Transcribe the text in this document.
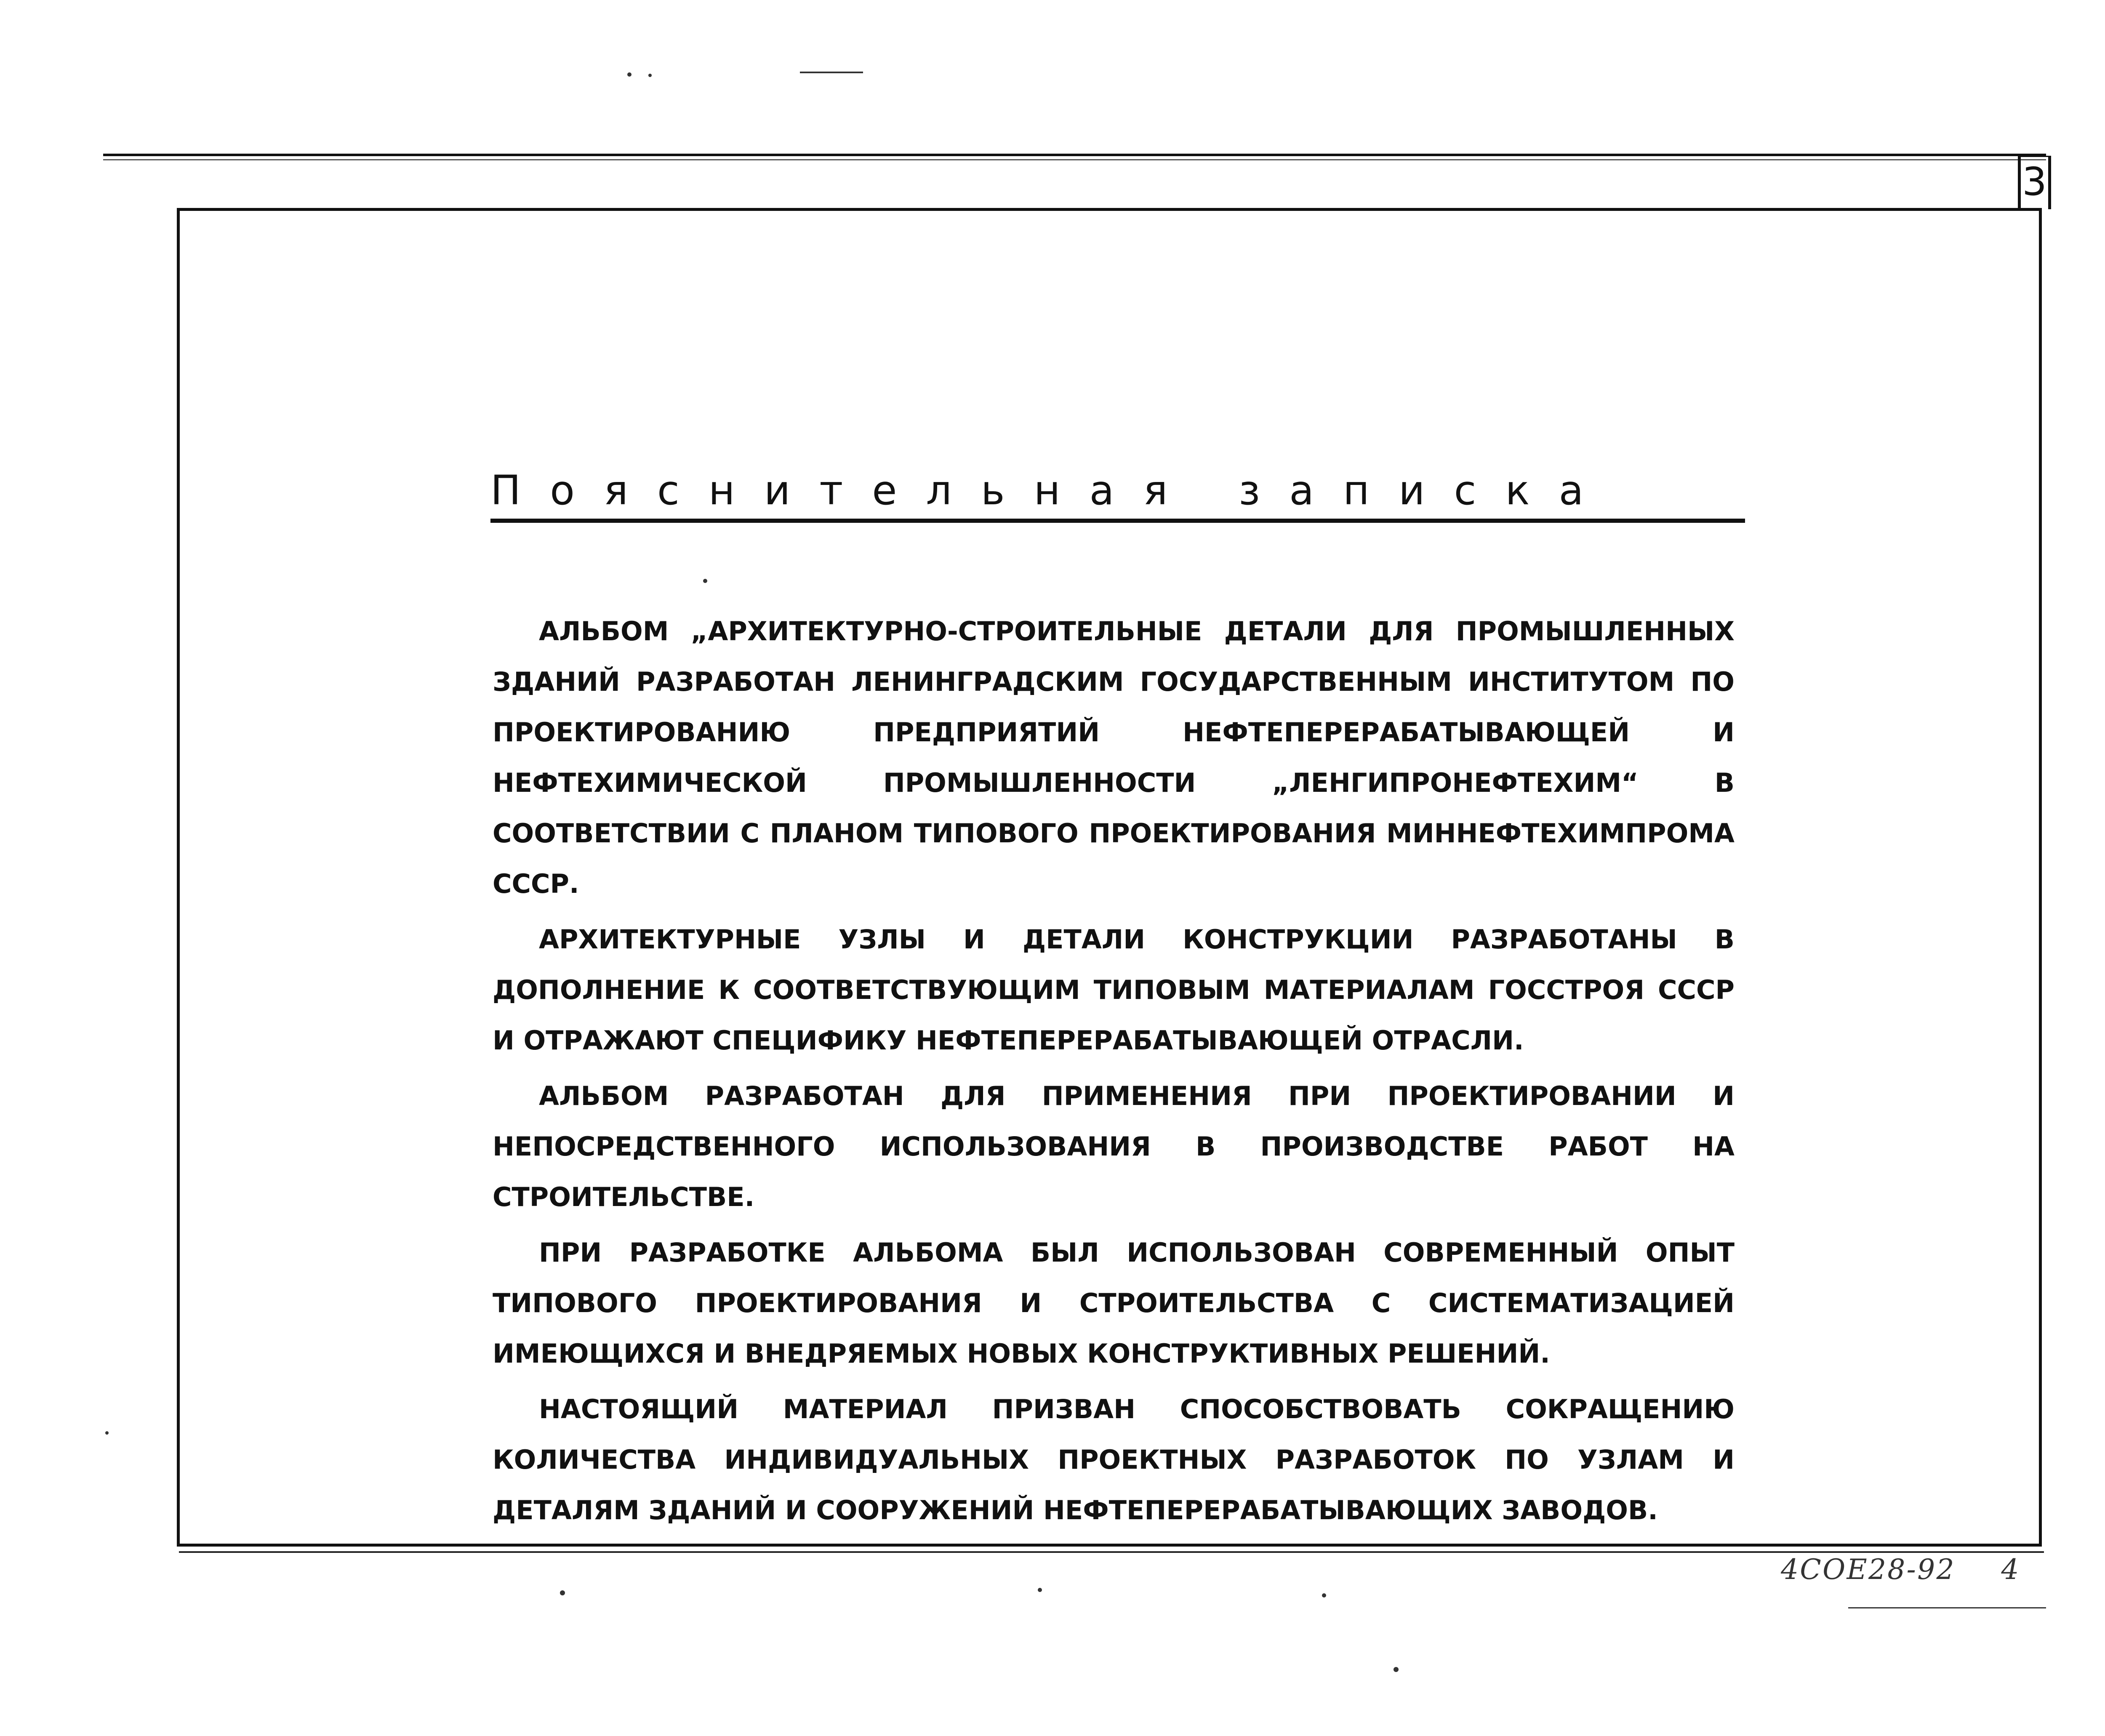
3
Пояснительная записка

АЛЬБОМ „АРХИТЕКТУРНО-СТРОИТЕЛЬНЫЕ ДЕТАЛИ ДЛЯ ПРОМЫШЛЕННЫХ ЗДАНИЙ РАЗРАБОТАН ЛЕНИНГРАДСКИМ ГОСУДАРСТВЕННЫМ ИНСТИТУТОМ ПО ПРОЕКТИРОВАНИЮ ПРЕДПРИЯТИЙ НЕФТЕПЕРЕРАБАТЫВАЮЩЕЙ И НЕФТЕХИМИЧЕСКОЙ ПРОМЫШЛЕННОСТИ „ЛЕНГИПРОНЕФТЕХИМ“ В СООТВЕТСТВИИ С ПЛАНОМ ТИПОВОГО ПРОЕКТИРОВАНИЯ МИННЕФТЕХИМПРОМА СССР.

АРХИТЕКТУРНЫЕ УЗЛЫ И ДЕТАЛИ КОНСТРУКЦИИ РАЗРАБОТАНЫ В ДОПОЛНЕНИЕ К СООТВЕТСТВУЮЩИМ ТИПОВЫМ МАТЕРИАЛАМ ГОССТРОЯ СССР И ОТРАЖАЮТ СПЕЦИФИКУ НЕФТЕПЕРЕРАБАТЫВАЮЩЕЙ ОТРАСЛИ.

АЛЬБОМ РАЗРАБОТАН ДЛЯ ПРИМЕНЕНИЯ ПРИ ПРОЕКТИРОВАНИИ И НЕПОСРЕДСТВЕННОГО ИСПОЛЬЗОВАНИЯ В ПРОИЗВОДСТВЕ РАБОТ НА СТРОИТЕЛЬСТВЕ.

ПРИ РАЗРАБОТКЕ АЛЬБОМА БЫЛ ИСПОЛЬЗОВАН СОВРЕМЕННЫЙ ОПЫТ ТИПОВОГО ПРОЕКТИРОВАНИЯ И СТРОИТЕЛЬСТВА С СИСТЕМАТИЗАЦИЕЙ ИМЕЮЩИХСЯ И ВНЕДРЯЕМЫХ НОВЫХ КОНСТРУКТИВНЫХ РЕШЕНИЙ.

НАСТОЯЩИЙ МАТЕРИАЛ ПРИЗВАН СПОСОБСТВОВАТЬ СОКРАЩЕНИЮ КОЛИЧЕСТВА ИНДИВИДУАЛЬНЫХ ПРОЕКТНЫХ РАЗРАБОТОК ПО УЗЛАМ И ДЕТАЛЯМ ЗДАНИЙ И СООРУЖЕНИЙ НЕФТЕПЕРЕРАБАТЫВАЮЩИХ ЗАВОДОВ.

4СОЕ28-92 4
